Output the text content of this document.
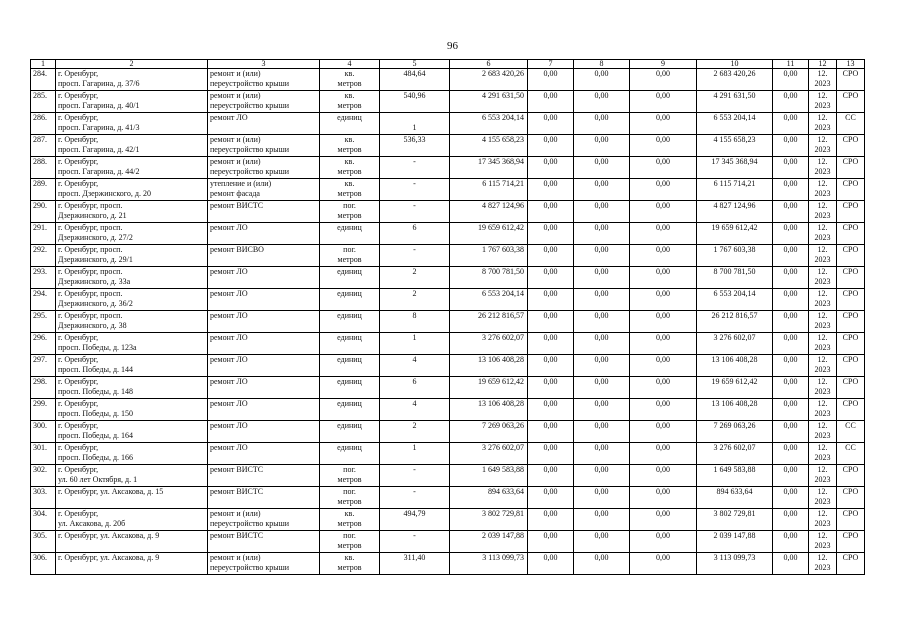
96
1	2	3	4	5	6	7	8	9	10	11	12	13

284.	г. Оренбург,
просп. Гагарина, д. 37/6	ремонт и (или)
переустройство крыши	кв.
метров	484,64	2 683 420,26	0,00	0,00	0,00	2 683 420,26	0,00	12.
2023	СРО

285.	г. Оренбург,
просп. Гагарина, д. 40/1	ремонт и (или)
переустройство крыши	кв.
метров	540,96	4 291 631,50	0,00	0,00	0,00	4 291 631,50	0,00	12.
2023	СРО

286.	г. Оренбург,
просп. Гагарина, д. 41/3	ремонт ЛО	единиц	1	6 553 204,14	0,00	0,00	0,00	6 553 204,14	0,00	12.
2023	СС

287.	г. Оренбург,
просп. Гагарина, д. 42/1	ремонт и (или)
переустройство крыши	кв.
метров	536,33	4 155 658,23	0,00	0,00	0,00	4 155 658,23	0,00	12.
2023	СРО

288.	г. Оренбург,
просп. Гагарина, д. 44/2	ремонт и (или)
переустройство крыши	кв.
метров	-	17 345 368,94	0,00	0,00	0,00	17 345 368,94	0,00	12.
2023	СРО

289.	г. Оренбург,
просп. Дзержинского, д. 20	утепление и (или)
ремонт фасада	кв.
метров	-	6 115 714,21	0,00	0,00	0,00	6 115 714,21	0,00	12.
2023	СРО

290.	г. Оренбург, просп.
Дзержинского, д. 21	ремонт ВИСТС	пог.
метров	-	4 827 124,96	0,00	0,00	0,00	4 827 124,96	0,00	12.
2023	СРО

291.	г. Оренбург, просп.
Дзержинского, д. 27/2	ремонт ЛО	единиц	6	19 659 612,42	0,00	0,00	0,00	19 659 612,42	0,00	12.
2023	СРО

292.	г. Оренбург, просп.
Дзержинского, д. 29/1	ремонт ВИСВО	пог.
метров	-	1 767 603,38	0,00	0,00	0,00	1 767 603,38	0,00	12.
2023	СРО

293.	г. Оренбург, просп.
Дзержинского, д. 33а	ремонт ЛО	единиц	2	8 700 781,50	0,00	0,00	0,00	8 700 781,50	0,00	12.
2023	СРО

294.	г. Оренбург, просп.
Дзержинского, д. 36/2	ремонт ЛО	единиц	2	6 553 204,14	0,00	0,00	0,00	6 553 204,14	0,00	12.
2023	СРО

295.	г. Оренбург, просп.
Дзержинского, д. 38	ремонт ЛО	единиц	8	26 212 816,57	0,00	0,00	0,00	26 212 816,57	0,00	12.
2023	СРО

296.	г. Оренбург,
просп. Победы, д. 123а	ремонт ЛО	единиц	1	3 276 602,07	0,00	0,00	0,00	3 276 602,07	0,00	12.
2023	СРО

297.	г. Оренбург,
просп. Победы, д. 144	ремонт ЛО	единиц	4	13 106 408,28	0,00	0,00	0,00	13 106 408,28	0,00	12.
2023	СРО

298.	г. Оренбург,
просп. Победы, д. 148	ремонт ЛО	единиц	6	19 659 612,42	0,00	0,00	0,00	19 659 612,42	0,00	12.
2023	СРО

299.	г. Оренбург,
просп. Победы, д. 150	ремонт ЛО	единиц	4	13 106 408,28	0,00	0,00	0,00	13 106 408,28	0,00	12.
2023	СРО

300.	г. Оренбург,
просп. Победы, д. 164	ремонт ЛО	единиц	2	7 269 063,26	0,00	0,00	0,00	7 269 063,26	0,00	12.
2023	СС

301.	г. Оренбург,
просп. Победы, д. 166	ремонт ЛО	единиц	1	3 276 602,07	0,00	0,00	0,00	3 276 602,07	0,00	12.
2023	СС

302.	г. Оренбург,
ул. 60 лет Октября, д. 1	ремонт ВИСТС	пог.
метров	-	1 649 583,88	0,00	0,00	0,00	1 649 583,88	0,00	12.
2023	СРО

303.	г. Оренбург, ул. Аксакова, д. 15	ремонт ВИСТС	пог.
метров	-	894 633,64	0,00	0,00	0,00	894 633,64	0,00	12.
2023	СРО

304.	г. Оренбург,
ул. Аксакова, д. 20б	ремонт и (или)
переустройство крыши	кв.
метров	494,79	3 802 729,81	0,00	0,00	0,00	3 802 729,81	0,00	12.
2023	СРО

305.	г. Оренбург, ул. Аксакова, д. 9	ремонт ВИСТС	пог.
метров	-	2 039 147,88	0,00	0,00	0,00	2 039 147,88	0,00	12.
2023	СРО

306.	г. Оренбург, ул. Аксакова, д. 9	ремонт и (или)
переустройство крыши	кв.
метров	311,40	3 113 099,73	0,00	0,00	0,00	3 113 099,73	0,00	12.
2023	СРО
